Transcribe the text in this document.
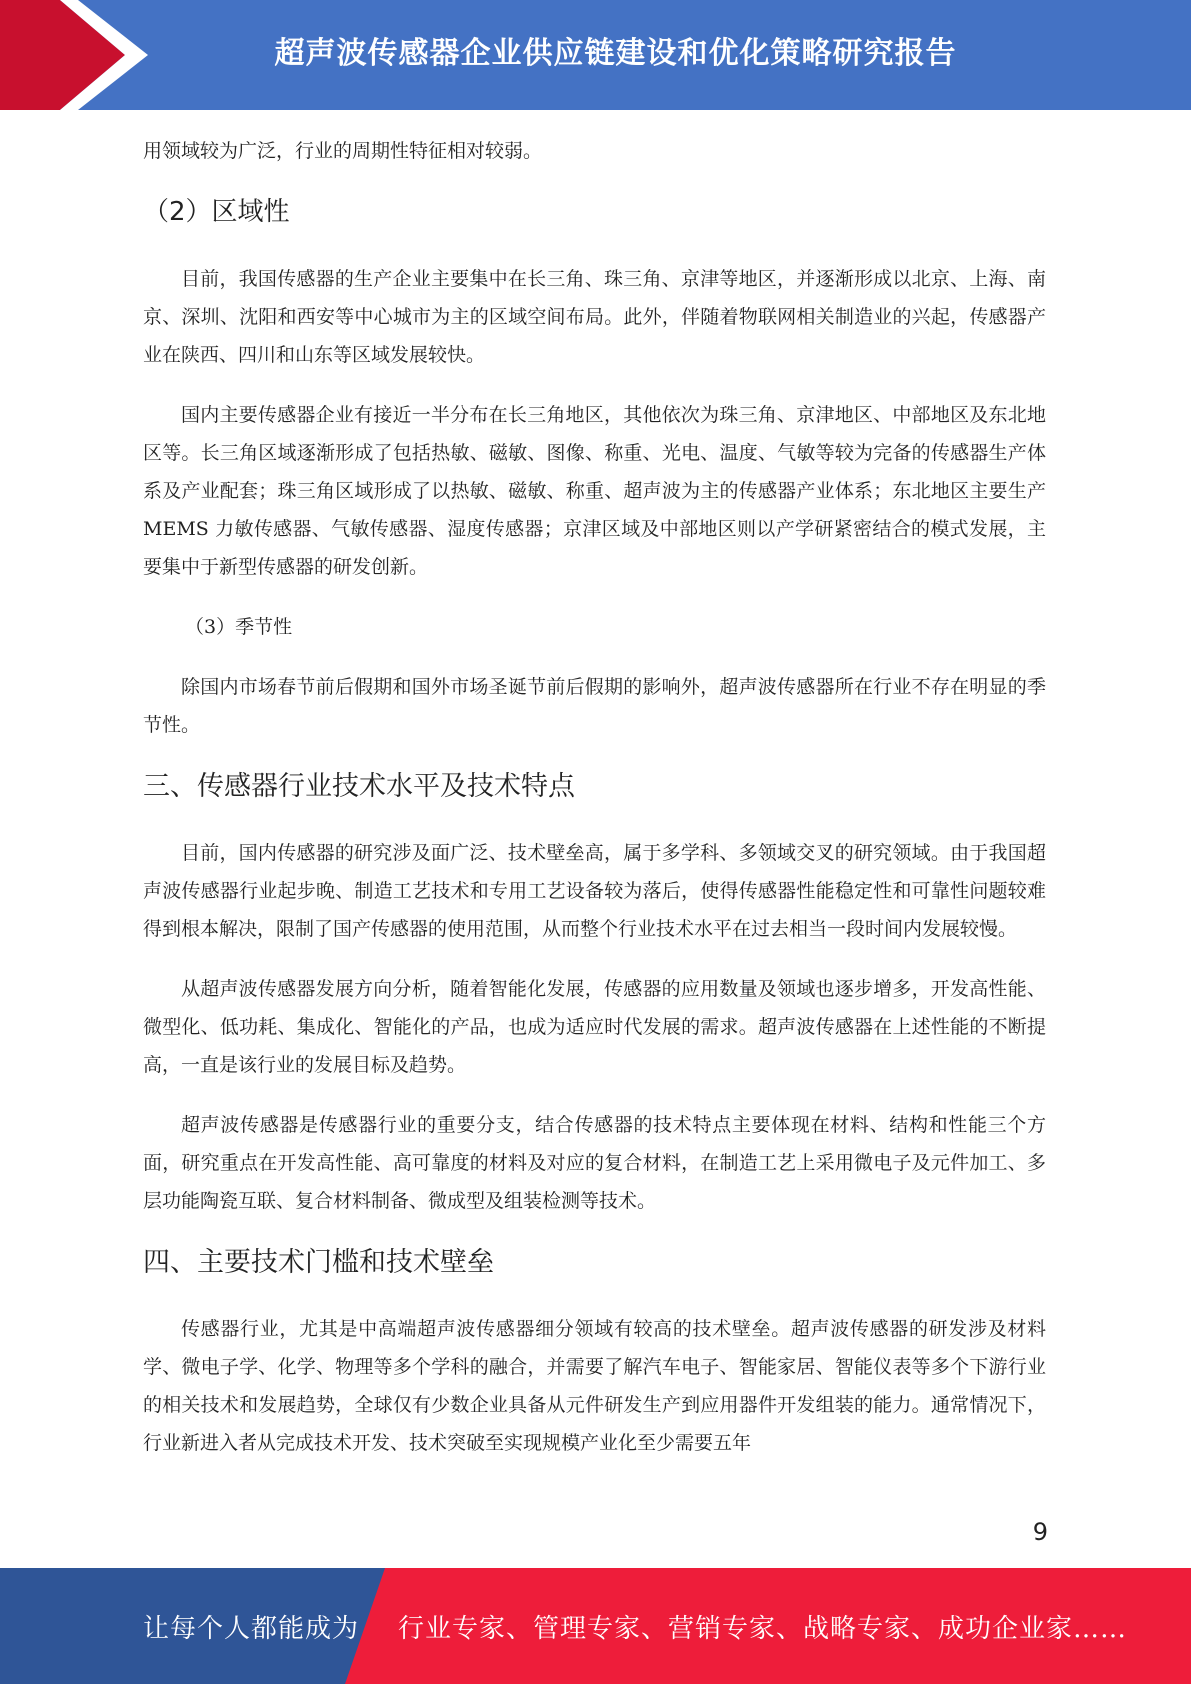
超声波传感器企业供应链建设和优化策略研究报告

用领域较为广泛，行业的周期性特征相对较弱。

（2）区域性

目前，我国传感器的生产企业主要集中在长三角、珠三角、京津等地区，并逐渐形成以北京、上海、南京、深圳、沈阳和西安等中心城市为主的区域空间布局。此外，伴随着物联网相关制造业的兴起，传感器产业在陕西、四川和山东等区域发展较快。

国内主要传感器企业有接近一半分布在长三角地区，其他依次为珠三角、京津地区、中部地区及东北地区等。长三角区域逐渐形成了包括热敏、磁敏、图像、称重、光电、温度、气敏等较为完备的传感器生产体系及产业配套；珠三角区域形成了以热敏、磁敏、称重、超声波为主的传感器产业体系；东北地区主要生产 MEMS 力敏传感器、气敏传感器、湿度传感器；京津区域及中部地区则以产学研紧密结合的模式发展，主要集中于新型传感器的研发创新。

（3）季节性

除国内市场春节前后假期和国外市场圣诞节前后假期的影响外，超声波传感器所在行业不存在明显的季节性。

三、传感器行业技术水平及技术特点

目前，国内传感器的研究涉及面广泛、技术壁垒高，属于多学科、多领域交叉的研究领域。由于我国超声波传感器行业起步晚、制造工艺技术和专用工艺设备较为落后，使得传感器性能稳定性和可靠性问题较难得到根本解决，限制了国产传感器的使用范围，从而整个行业技术水平在过去相当一段时间内发展较慢。

从超声波传感器发展方向分析，随着智能化发展，传感器的应用数量及领域也逐步增多，开发高性能、微型化、低功耗、集成化、智能化的产品，也成为适应时代发展的需求。超声波传感器在上述性能的不断提高，一直是该行业的发展目标及趋势。

超声波传感器是传感器行业的重要分支，结合传感器的技术特点主要体现在材料、结构和性能三个方面，研究重点在开发高性能、高可靠度的材料及对应的复合材料，在制造工艺上采用微电子及元件加工、多层功能陶瓷互联、复合材料制备、微成型及组装检测等技术。

四、主要技术门槛和技术壁垒

传感器行业，尤其是中高端超声波传感器细分领域有较高的技术壁垒。超声波传感器的研发涉及材料学、微电子学、化学、物理等多个学科的融合，并需要了解汽车电子、智能家居、智能仪表等多个下游行业的相关技术和发展趋势，全球仅有少数企业具备从元件研发生产到应用器件开发组装的能力。通常情况下，行业新进入者从完成技术开发、技术突破至实现规模产业化至少需要五年

9
让每个人都能成为 行业专家、管理专家、营销专家、战略专家、成功企业家……
